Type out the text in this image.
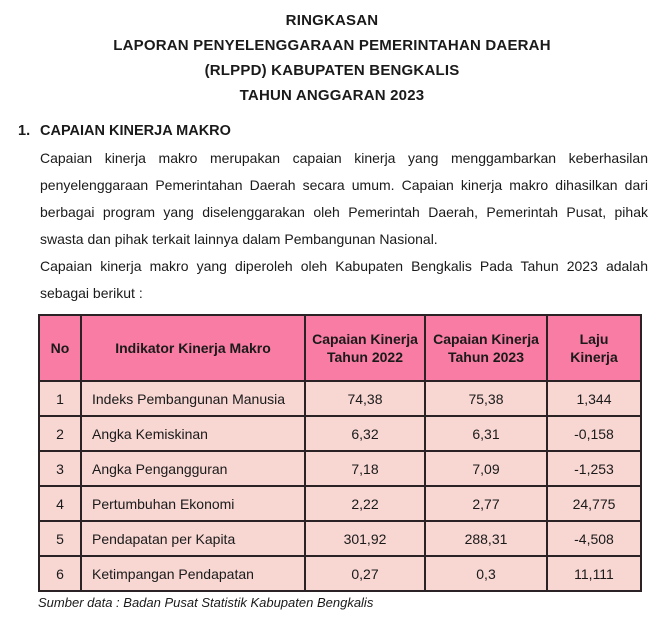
RINGKASAN
LAPORAN PENYELENGGARAAN PEMERINTAHAN DAERAH
(RLPPD) KABUPATEN BENGKALIS
TAHUN ANGGARAN 2023
1. CAPAIAN KINERJA MAKRO

Capaian kinerja makro merupakan capaian kinerja yang menggambarkan keberhasilan penyelenggaraan Pemerintahan Daerah secara umum. Capaian kinerja makro dihasilkan dari berbagai program yang diselenggarakan oleh Pemerintah Daerah, Pemerintah Pusat, pihak swasta dan pihak terkait lainnya dalam Pembangunan Nasional.

Capaian kinerja makro yang diperoleh oleh Kabupaten Bengkalis Pada Tahun 2023 adalah sebagai berikut :

No	Indikator Kinerja Makro	Capaian Kinerja Tahun 2022	Capaian Kinerja Tahun 2023	Laju Kinerja
1	Indeks Pembangunan Manusia	74,38	75,38	1,344
2	Angka Kemiskinan	6,32	6,31	-0,158
3	Angka Pengangguran	7,18	7,09	-1,253
4	Pertumbuhan Ekonomi	2,22	2,77	24,775
5	Pendapatan per Kapita	301,92	288,31	-4,508
6	Ketimpangan Pendapatan	0,27	0,3	11,111
Sumber data : Badan Pusat Statistik Kabupaten Bengkalis
